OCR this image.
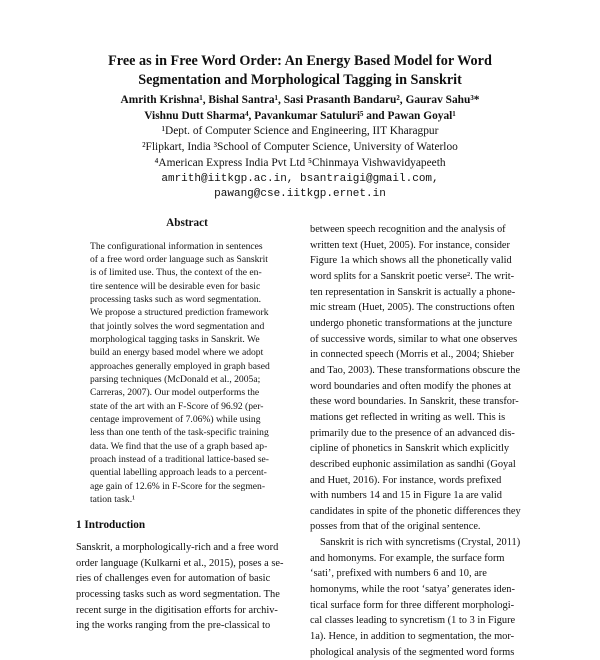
Free as in Free Word Order: An Energy Based Model for Word
Segmentation and Morphological Tagging in Sanskrit
Amrith Krishna¹, Bishal Santra¹, Sasi Prasanth Bandaru², Gaurav Sahu³*
Vishnu Dutt Sharma⁴, Pavankumar Satuluri⁵ and Pawan Goyal¹
¹Dept. of Computer Science and Engineering, IIT Kharagpur
²Flipkart, India ³School of Computer Science, University of Waterloo
⁴American Express India Pvt Ltd ⁵Chinmaya Vishwavidyapeeth
amrith@iitkgp.ac.in, bsantraigi@gmail.com,
pawang@cse.iitkgp.ernet.in
Abstract
The configurational information in sentences
of a free word order language such as Sanskrit
is of limited use. Thus, the context of the en-
tire sentence will be desirable even for basic
processing tasks such as word segmentation.
We propose a structured prediction framework
that jointly solves the word segmentation and
morphological tagging tasks in Sanskrit. We
build an energy based model where we adopt
approaches generally employed in graph based
parsing techniques (McDonald et al., 2005a;
Carreras, 2007). Our model outperforms the
state of the art with an F-Score of 96.92 (per-
centage improvement of 7.06%) while using
less than one tenth of the task-specific training
data. We find that the use of a graph based ap-
proach instead of a traditional lattice-based se-
quential labelling approach leads to a percent-
age gain of 12.6% in F-Score for the segmen-
tation task.¹
1 Introduction
Sanskrit, a morphologically-rich and a free word
order language (Kulkarni et al., 2015), poses a se-
ries of challenges even for automation of basic
processing tasks such as word segmentation. The
recent surge in the digitisation efforts for archiv-
ing the works ranging from the pre-classical to
between speech recognition and the analysis of
written text (Huet, 2005). For instance, consider
Figure 1a which shows all the phonetically valid
word splits for a Sanskrit poetic verse². The writ-
ten representation in Sanskrit is actually a phone-
mic stream (Huet, 2005). The constructions often
undergo phonetic transformations at the juncture
of successive words, similar to what one observes
in connected speech (Morris et al., 2004; Shieber
and Tao, 2003). These transformations obscure the
word boundaries and often modify the phones at
these word boundaries. In Sanskrit, these transfor-
mations get reflected in writing as well. This is
primarily due to the presence of an advanced dis-
cipline of phonetics in Sanskrit which explicitly
described euphonic assimilation as sandhi (Goyal
and Huet, 2016). For instance, words prefixed
with numbers 14 and 15 in Figure 1a are valid
candidates in spite of the phonetic differences they
posses from that of the original sentence.
Sanskrit is rich with syncretisms (Crystal, 2011)
and homonyms. For example, the surface form
‘sati’, prefixed with numbers 6 and 10, are
homonyms, while the root ‘satya’ generates iden-
tical surface form for three different morphologi-
cal classes leading to syncretism (1 to 3 in Figure
1a). Hence, in addition to segmentation, the mor-
phological analysis of the segmented word forms
